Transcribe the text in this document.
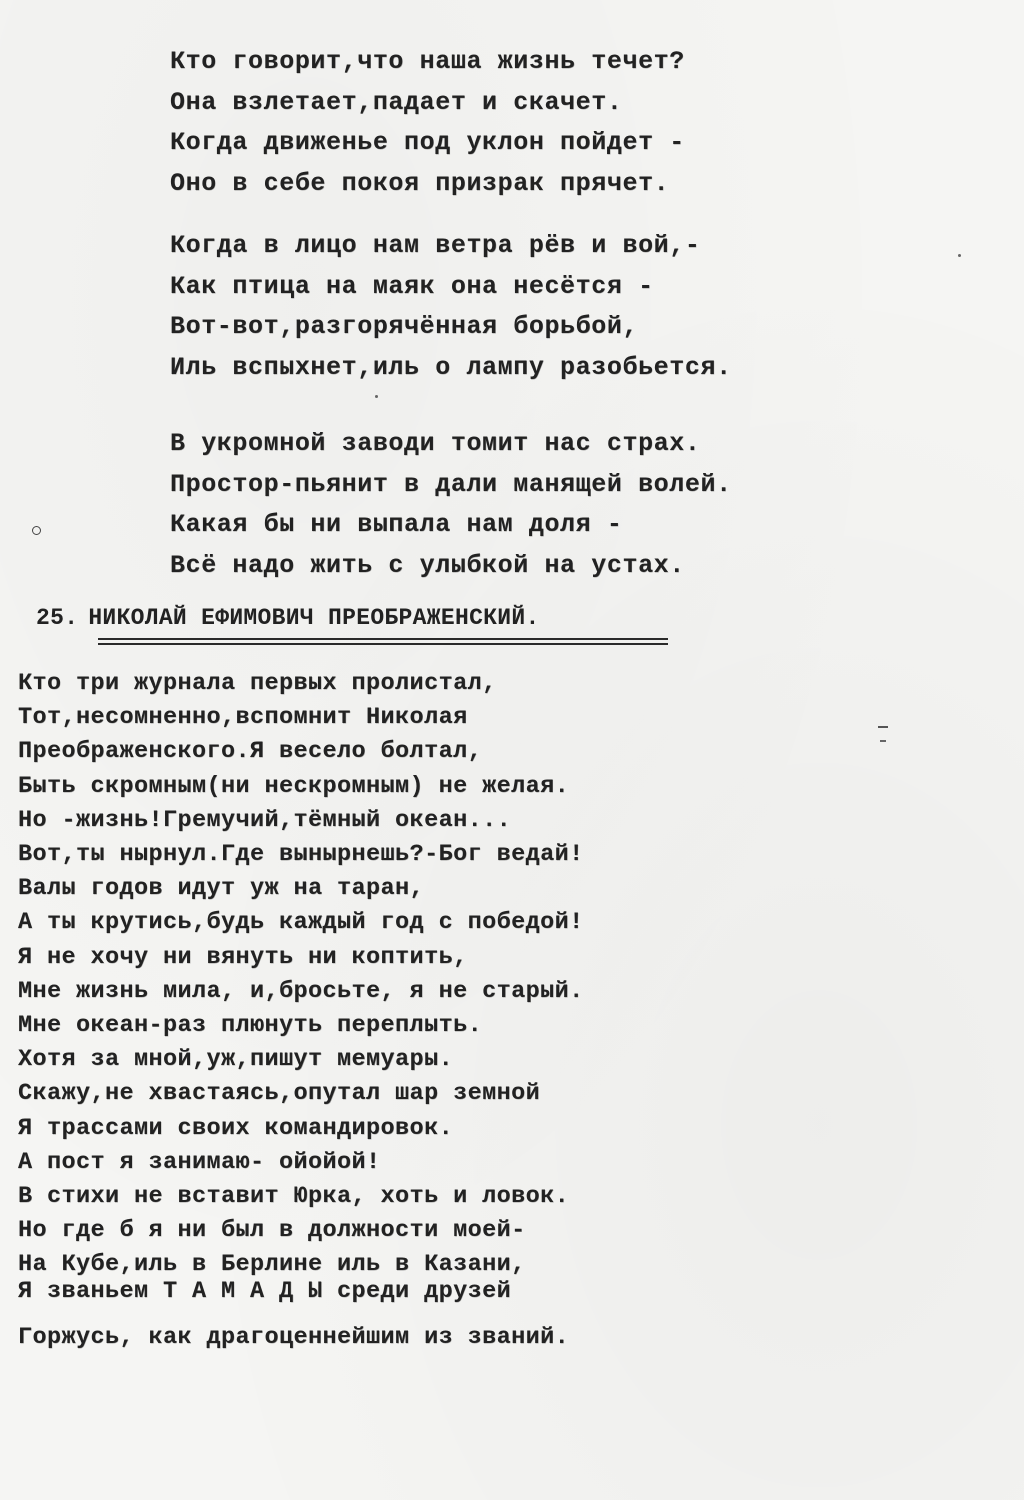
Кто говорит,что наша жизнь течет?
Она взлетает,падает и скачет.
Когда движенье под уклон пойдет -
Оно в себе покоя призрак прячет.
Когда в лицо нам ветра рёв и вой,-
Как птица на маяк она несётся -
Вот-вот,разгорячённая борьбой,
Иль вспыхнет,иль о лампу разобьется.
В укромной заводи томит нас страх.
Простор-пьянит в дали манящей волей.
Какая бы ни выпала нам доля -
Всё надо жить с улыбкой на устах.
25. НИКОЛАЙ ЕФИМОВИЧ ПРЕОБРАЖЕНСКИЙ.
Кто три журнала первых пролистал,
Тот,несомненно,вспомнит Николая
Преображенского.Я весело болтал,
Быть скромным(ни нескромным) не желая.
Но -жизнь!Гремучий,тёмный океан...
Вот,ты нырнул.Где вынырнешь?-Бог ведай!
Валы годов идут уж на таран,
А ты крутись,будь каждый год с победой!
Я не хочу ни вянуть ни коптить,
Мне жизнь мила, и,бросьте, я не старый.
Мне океан-раз плюнуть переплыть.
Хотя за мной,уж,пишут мемуары.
Скажу,не хвастаясь,опутал шар земной
Я трассами своих командировок.
А пост я занимаю- ойойой!
В стихи не вставит Юрка, хоть и ловок.
Но где б я ни был в должности моей-
На Кубе,иль в Берлине иль в Казани,
Я званьем Т А М А Д Ы среди друзей
Горжусь, как драгоценнейшим из званий.
